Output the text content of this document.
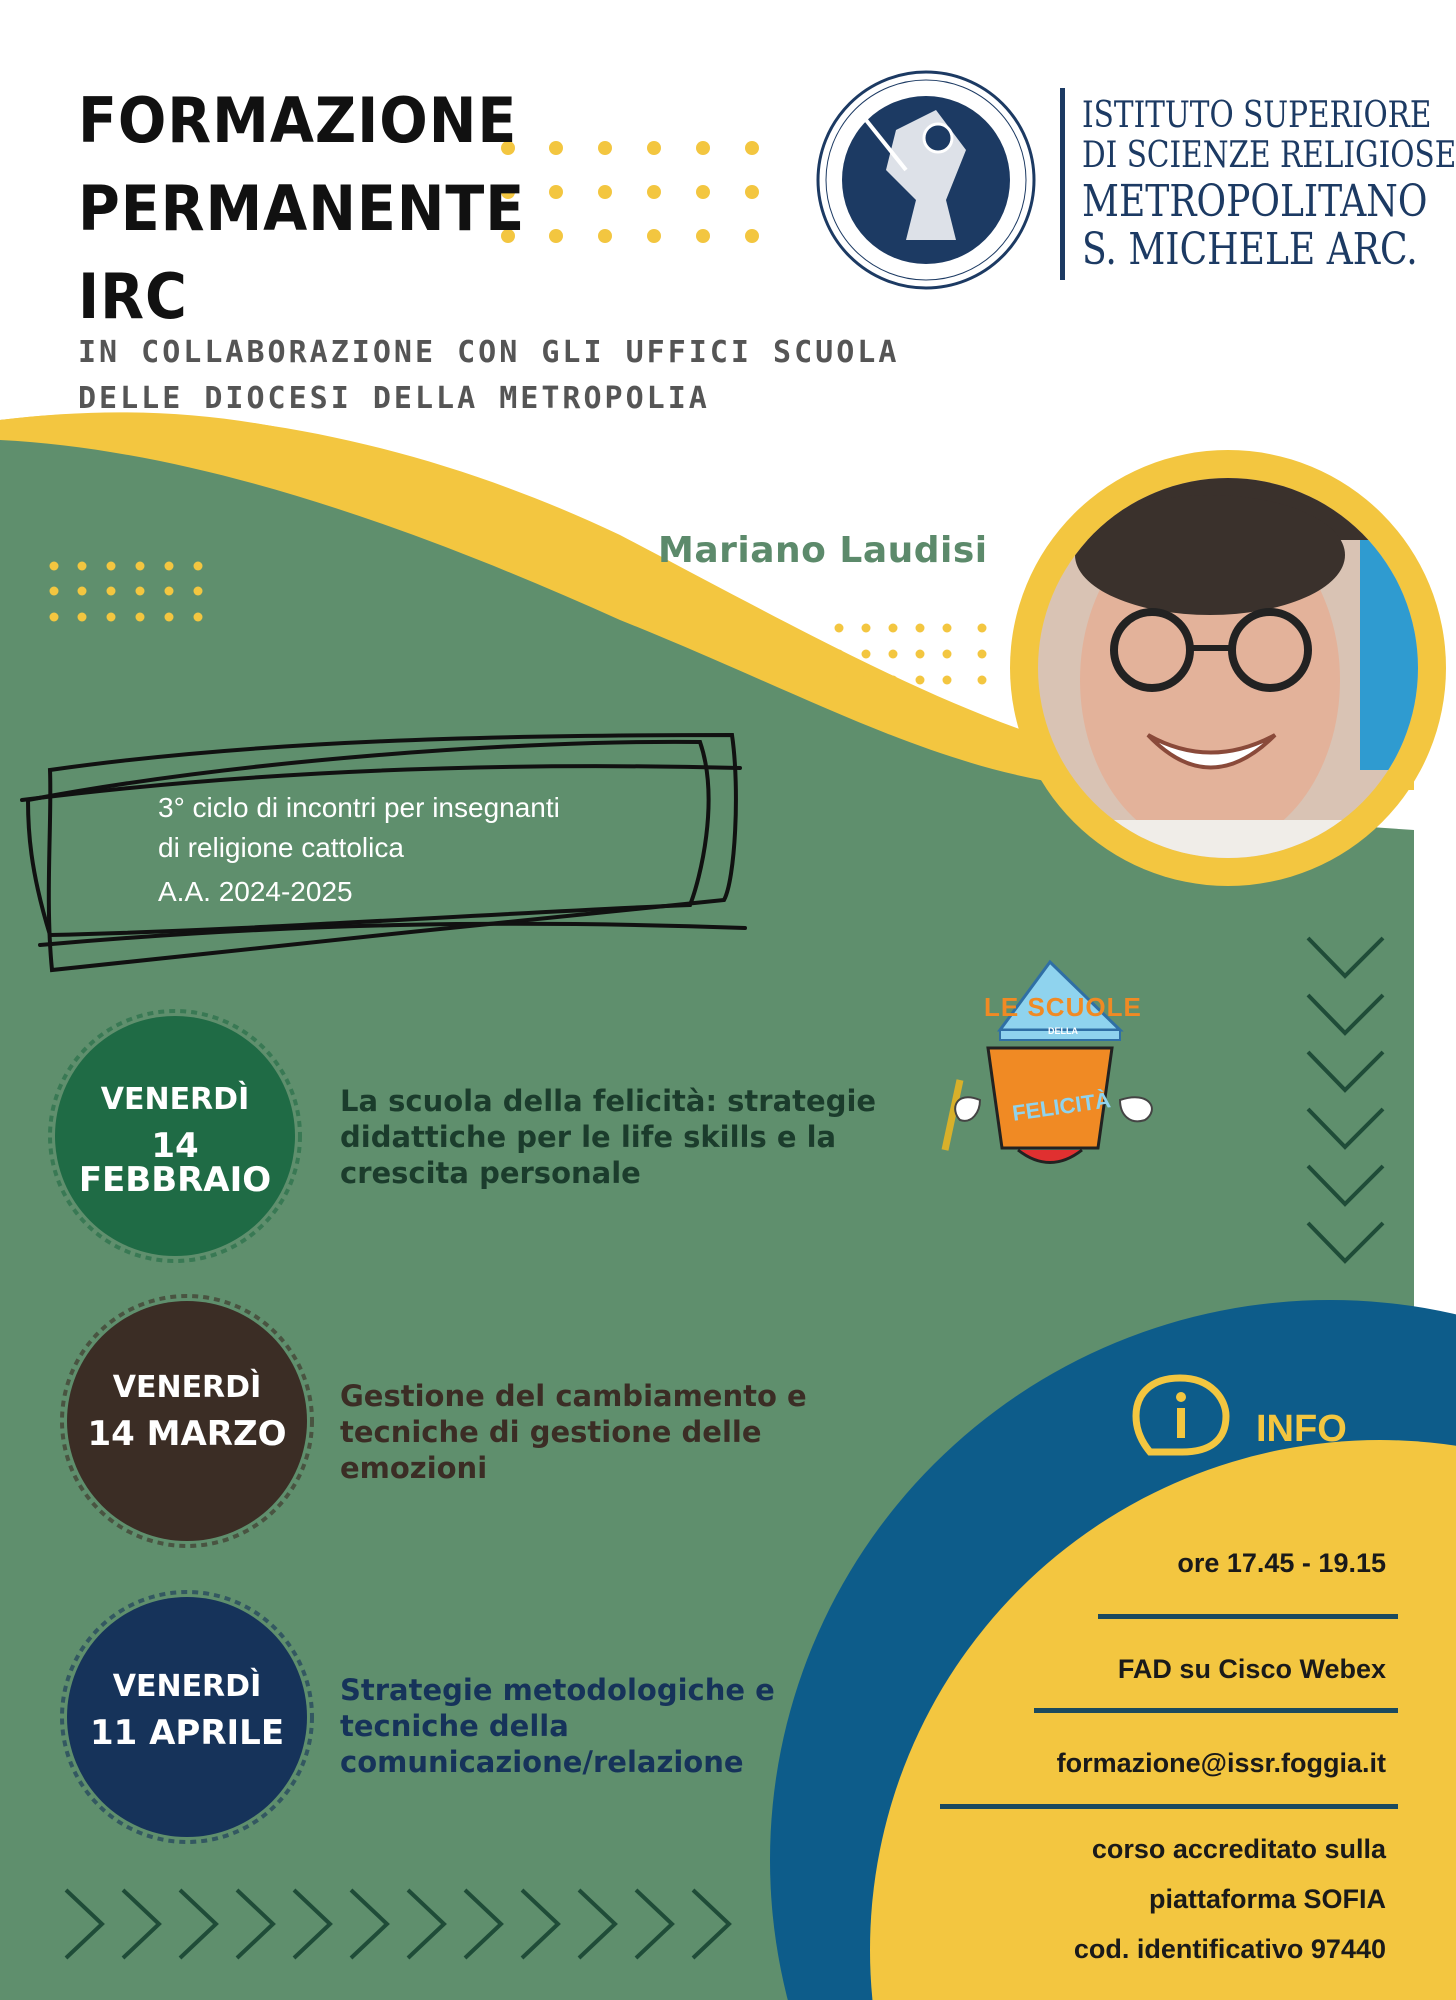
FORMAZIONE
PERMANENTE
IRC
IN COLLABORAZIONE CON GLI UFFICI SCUOLA
DELLE DIOCESI DELLA METROPOLIA
ISTITUTO SUPERIORE
DI SCIENZE RELIGIOSE
METROPOLITANO
S. MICHELE ARC.
Mariano Laudisi
3° ciclo di incontri per insegnanti
di religione cattolica
A.A. 2024-2025
VENERDÌ
14 FEBBRAIO
La scuola della felicità: strategie didattiche per le life skills e la crescita personale
VENERDÌ
14 MARZO
Gestione del cambiamento e tecniche di gestione delle emozioni
VENERDÌ
11 APRILE
Strategie metodologiche e tecniche della comunicazione/relazione
LE SCUOLE
DELLA
FELICITÀ
INFO
ore 17.45 - 19.15
FAD su Cisco Webex
formazione@issr.foggia.it
corso accreditato sulla
piattaforma SOFIA
cod. identificativo 97440
